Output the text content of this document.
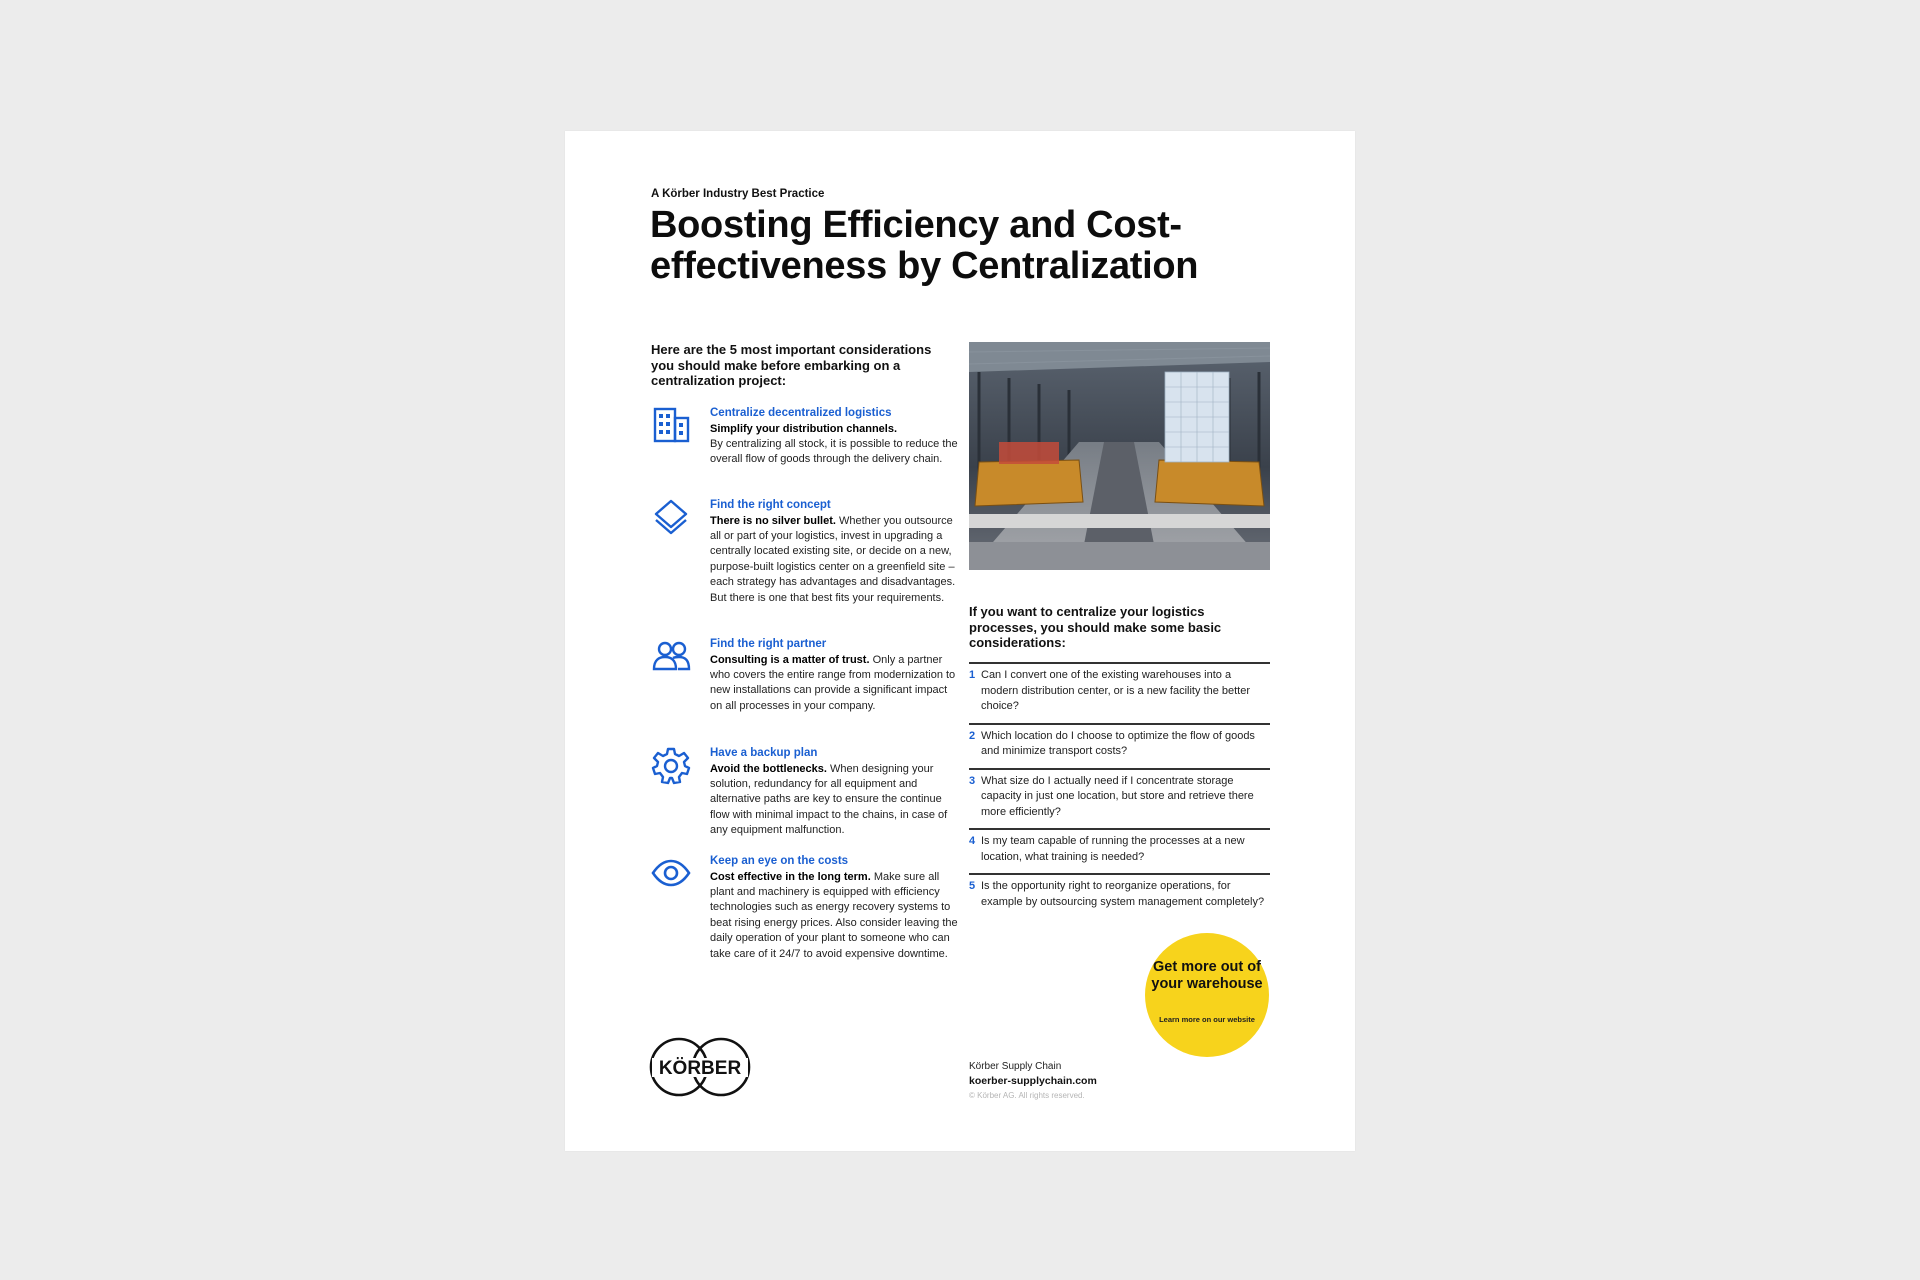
A Körber Industry Best Practice
Boosting Efficiency and Cost-effectiveness by Centralization
Here are the 5 most important considerations you should make before embarking on a centralization project:
Centralize decentralized logistics
Simplify your distribution channels.
By centralizing all stock, it is possible to reduce the overall flow of goods through the delivery chain.
Find the right concept
There is no silver bullet. Whether you outsource all or part of your logistics, invest in upgrading a centrally located existing site, or decide on a new, purpose-built logistics center on a greenfield site – each strategy has advantages and disadvantages. But there is one that best fits your requirements.
Find the right partner
Consulting is a matter of trust. Only a partner who covers the entire range from modernization to new installations can provide a significant impact on all processes in your company.
Have a backup plan
Avoid the bottlenecks. When designing your solution, redundancy for all equipment and alternative paths are key to ensure the continue flow with minimal impact to the chains, in case of any equipment malfunction.
Keep an eye on the costs
Cost effective in the long term. Make sure all plant and machinery is equipped with efficiency technologies such as energy recovery systems to beat rising energy prices. Also consider leaving the daily operation of your plant to someone who can take care of it 24/7 to avoid expensive downtime.
If you want to centralize your logistics processes, you should make some basic considerations:
1 Can I convert one of the existing warehouses into a modern distribution center, or is a new facility the better choice?
2 Which location do I choose to optimize the flow of goods and minimize transport costs?
3 What size do I actually need if I concentrate storage capacity in just one location, but store and retrieve there more efficiently?
4 Is my team capable of running the processes at a new location, what training is needed?
5 Is the opportunity right to reorganize operations, for example by outsourcing system management completely?
Get more out of your warehouse
Learn more on our website
KÖRBER	Körber Supply Chain
koerber-supplychain.com
© Körber AG. All rights reserved.
